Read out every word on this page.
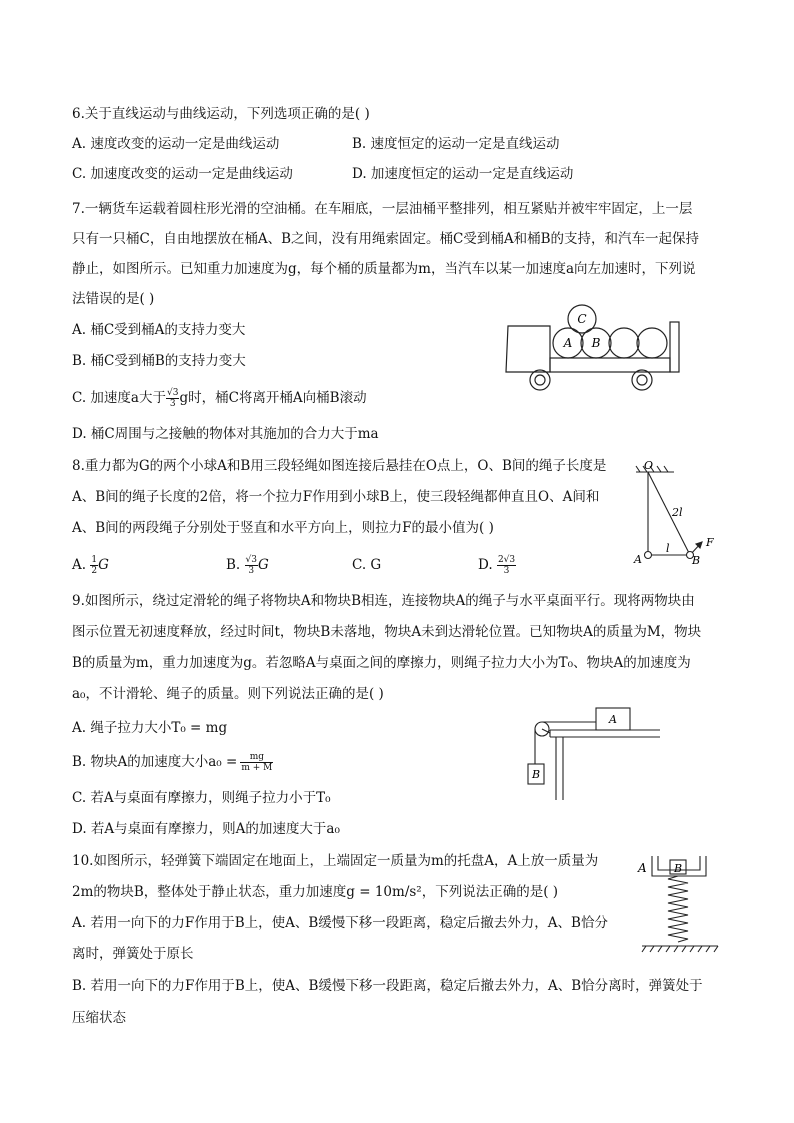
6.关于直线运动与曲线运动，下列选项正确的是( )
A. 速度改变的运动一定是曲线运动	B. 速度恒定的运动一定是直线运动
C. 加速度改变的运动一定是曲线运动	D. 加速度恒定的运动一定是直线运动
7.一辆货车运载着圆柱形光滑的空油桶。在车厢底，一层油桶平整排列，相互紧贴并被牢牢固定，上一层
只有一只桶C，自由地摆放在桶A、B之间，没有用绳索固定。桶C受到桶A和桶B的支持，和汽车一起保持
静止，如图所示。已知重力加速度为g，每个桶的质量都为m，当汽车以某一加速度a向左加速时，下列说
法错误的是( )
A. 桶C受到桶A的支持力变大
B. 桶C受到桶B的支持力变大
C. 加速度a大于 $\frac{√3}{3}$ g时，桶C将离开桶A向桶B滚动
D. 桶C周围与之接触的物体对其施加的合力大于ma
A B
C
8.重力都为G的两个小球A和B用三段轻绳如图连接后悬挂在O点上，O、B间的绳子长度是
A、B间的绳子长度的2倍，将一个拉力F作用到小球B上，使三段轻绳都伸直且O、A间和
A、B间的两段绳子分别处于竖直和水平方向上，则拉力F的最小值为( )
A. $\frac{1}{2}$ G	B. $\frac{√3}{3}$ G	C. G	D. $\frac{2√3}{3}$
O
A	B
F
l
2l
9.如图所示，绕过定滑轮的绳子将物块A和物块B相连，连接物块A的绳子与水平桌面平行。现将两物块由
图示位置无初速度释放，经过时间t，物块B未落地，物块A未到达滑轮位置。已知物块A的质量为M，物块
B的质量为m，重力加速度为g。若忽略A与桌面之间的摩擦力，则绳子拉力大小为T₀、物块A的加速度为
a₀，不计滑轮、绳子的质量。则下列说法正确的是( )
A. 绳子拉力大小T₀ = mg
B. 物块A的加速度大小$a_0 = \frac{mg}{m + M}$
C. 若A与桌面有摩擦力，则绳子拉力小于T₀
D. 若A与桌面有摩擦力，则A的加速度大于a₀
A
B
10.如图所示，轻弹簧下端固定在地面上，上端固定一质量为m的托盘A，A上放一质量为
2m的物块B，整体处于静止状态，重力加速度g = 10m/s²，下列说法正确的是( )
A. 若用一向下的力F作用于B上，使A、B缓慢下移一段距离，稳定后撤去外力，A、B恰分
离时，弹簧处于原长
B. 若用一向下的力F作用于B上，使A、B缓慢下移一段距离，稳定后撤去外力，A、B恰分离时，弹簧处于
压缩状态
A B
